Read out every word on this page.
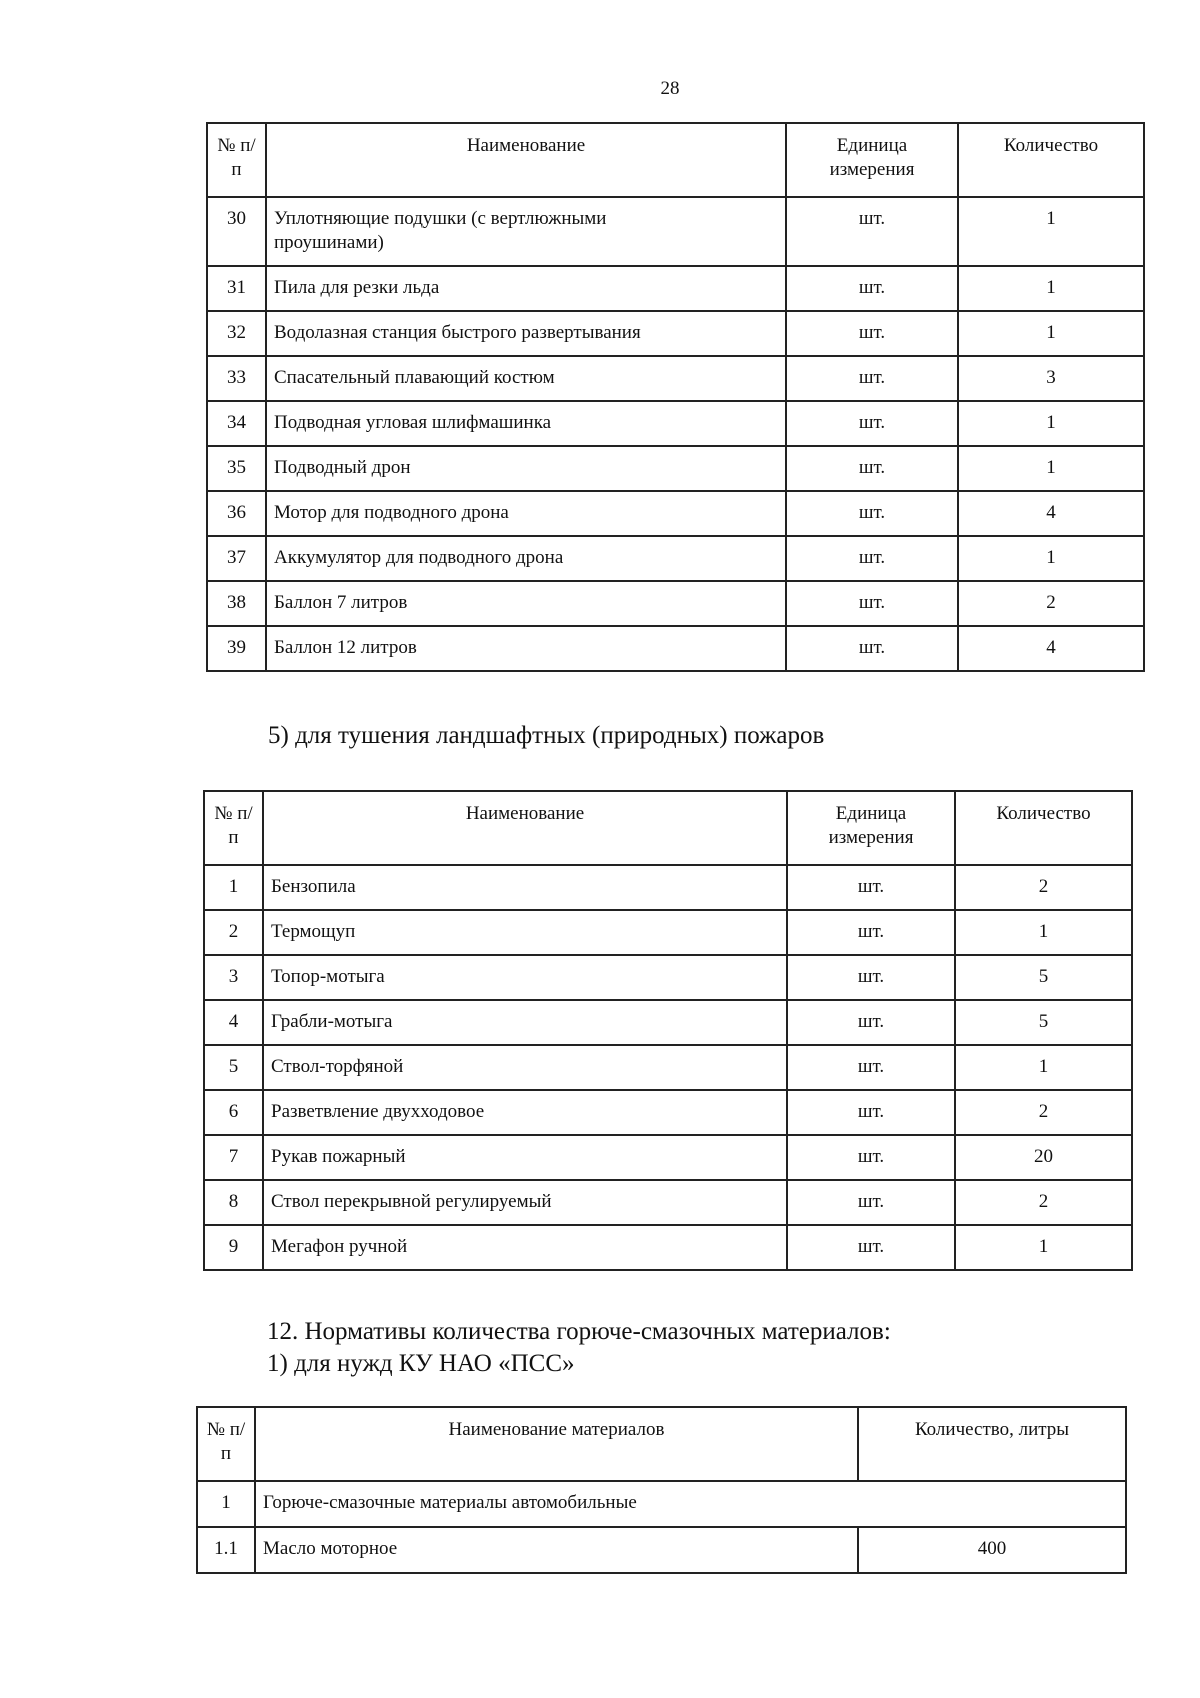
28
№ п/п	Наименование	Единица измерения	Количество
30	Уплотняющие подушки (с вертлюжными проушинами)	шт.	1
31	Пила для резки льда	шт.	1
32	Водолазная станция быстрого развертывания	шт.	1
33	Спасательный плавающий костюм	шт.	3
34	Подводная угловая шлифмашинка	шт.	1
35	Подводный дрон	шт.	1
36	Мотор для подводного дрона	шт.	4
37	Аккумулятор для подводного дрона	шт.	1
38	Баллон 7 литров	шт.	2
39	Баллон 12 литров	шт.	4
5) для тушения ландшафтных (природных) пожаров
№ п/п	Наименование	Единица измерения	Количество
1	Бензопила	шт.	2
2	Термощуп	шт.	1
3	Топор-мотыга	шт.	5
4	Грабли-мотыга	шт.	5
5	Ствол-торфяной	шт.	1
6	Разветвление двухходовое	шт.	2
7	Рукав пожарный	шт.	20
8	Ствол перекрывной регулируемый	шт.	2
9	Мегафон ручной	шт.	1
12. Нормативы количества горюче-смазочных материалов:
1) для нужд КУ НАО «ПСС»
№ п/п	Наименование материалов	Количество, литры
1	Горюче-смазочные материалы автомобильные	
1.1	Масло моторное	400
